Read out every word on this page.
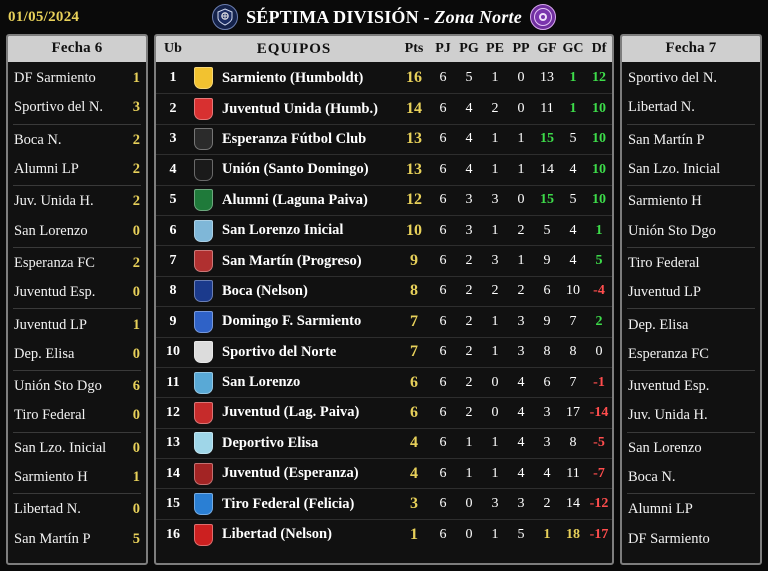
01/05/2024	SÉPTIMA DIVISIÓN - Zona Norte
Fecha 6
DF Sarmiento	1
Sportivo del N.	3
Boca N.	2
Alumni LP	2
Juv. Unida H.	2
San Lorenzo	0
Esperanza FC	2
Juventud Esp.	0
Juventud LP	1
Dep. Elisa	0
Unión Sto Dgo	6
Tiro Federal	0
San Lzo. Inicial	0
Sarmiento H	1
Libertad N.	0
San Martín P	5
Ub	EQUIPOS	Pts PJ PG PE PP GF GC Df
1	Sarmiento (Humboldt)	16	6	5	1	0	13	1	12
2	Juventud Unida (Humb.)	14	6	4	2	0	11	1	10
3	Esperanza Fútbol Club	13	6	4	1	1	15	5	10
4	Unión (Santo Domingo)	13	6	4	1	1	14	4	10
5	Alumni (Laguna Paiva)	12	6	3	3	0	15	5	10
6	San Lorenzo Inicial	10	6	3	1	2	5	4	1
7	San Martín (Progreso)	9	6	2	3	1	9	4	5
8	Boca (Nelson)	8	6	2	2	2	6	10 -4
9	Domingo F. Sarmiento	7	6	2	1	3	9	7	2
10	Sportivo del Norte	7	6	2	1	3	8	8	0
11	San Lorenzo	6	6	2	0	4	6	7	-1
12	Juventud (Lag. Paiva)	6	6	2	0	4	3	17 -14
13	Deportivo Elisa	4	6	1	1	4	3	8	-5
14	Juventud (Esperanza)	4	6	1	1	4	4	11 -7
15	Tiro Federal (Felicia)	3	6	0	3	3	2	14 -12
16	Libertad (Nelson)	1	6	0	1	5	1	18 -17
Fecha 7
Sportivo del N.
Libertad N.
San Martín P
San Lzo. Inicial
Sarmiento H
Unión Sto Dgo
Tiro Federal
Juventud LP
Dep. Elisa
Esperanza FC
Juventud Esp.
Juv. Unida H.
San Lorenzo
Boca N.
Alumni LP
DF Sarmiento
